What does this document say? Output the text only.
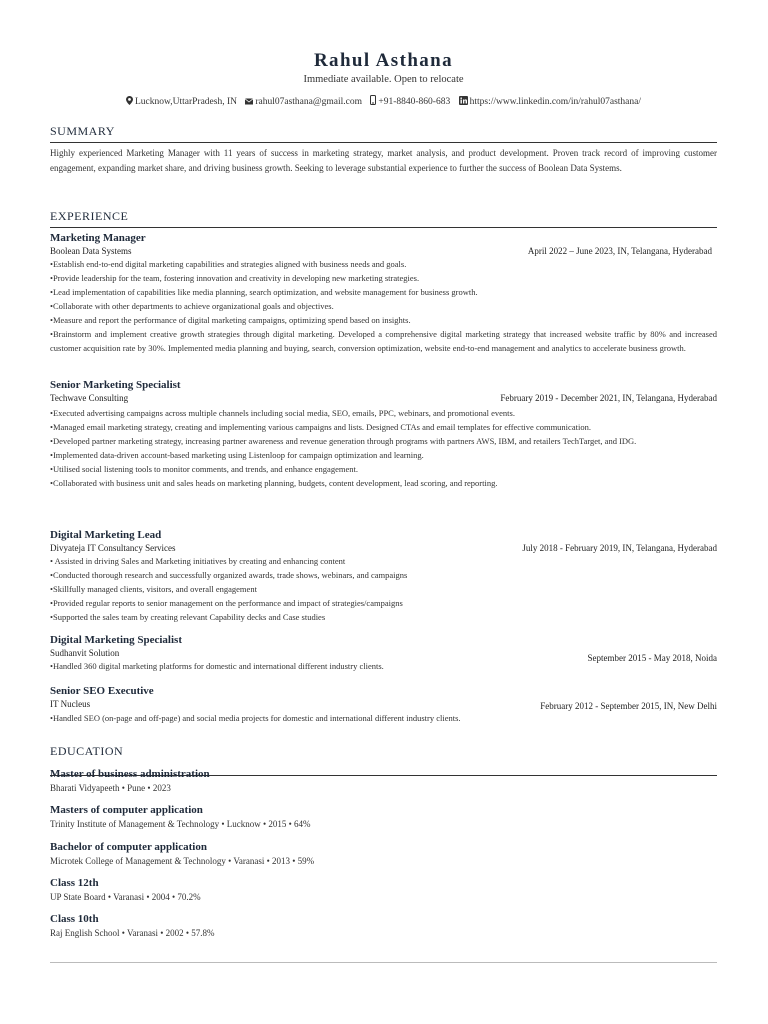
Rahul Asthana
Immediate available. Open to relocate
Lucknow,UttarPradesh, IN rahul07asthana@gmail.com +91-8840-860-683 https://www.linkedin.com/in/rahul07asthana/
SUMMARY
Highly experienced Marketing Manager with 11 years of success in marketing strategy, market analysis, and product development. Proven track record of improving customer engagement, expanding market share, and driving business growth. Seeking to leverage substantial experience to further the success of Boolean Data Systems.
EXPERIENCE
Marketing Manager
Boolean Data Systems	April 2022 – June 2023, IN, Telangana, Hyderabad
•Establish end-to-end digital marketing capabilities and strategies aligned with business needs and goals.
•Provide leadership for the team, fostering innovation and creativity in developing new marketing strategies.
•Lead implementation of capabilities like media planning, search optimization, and website management for business growth.
•Collaborate with other departments to achieve organizational goals and objectives.
•Measure and report the performance of digital marketing campaigns, optimizing spend based on insights.
•Brainstorm and implement creative growth strategies through digital marketing. Developed a comprehensive digital marketing strategy that increased website traffic by 80% and increased customer acquisition rate by 30%. Implemented media planning and buying, search, conversion optimization, website end-to-end management and analytics to accelerate business growth.
Senior Marketing Specialist
Techwave Consulting	February 2019 - December 2021, IN, Telangana, Hyderabad
•Executed advertising campaigns across multiple channels including social media, SEO, emails, PPC, webinars, and promotional events.
•Managed email marketing strategy, creating and implementing various campaigns and lists. Designed CTAs and email templates for effective communication.
•Developed partner marketing strategy, increasing partner awareness and revenue generation through programs with partners AWS, IBM, and retailers TechTarget, and IDG.
•Implemented data-driven account-based marketing using Listenloop for campaign optimization and learning.
•Utilised social listening tools to monitor comments, and trends, and enhance engagement.
•Collaborated with business unit and sales heads on marketing planning, budgets, content development, lead scoring, and reporting.
Digital Marketing Lead
Divyateja IT Consultancy Services	July 2018 - February 2019, IN, Telangana, Hyderabad
• Assisted in driving Sales and Marketing initiatives by creating and enhancing content
•Conducted thorough research and successfully organized awards, trade shows, webinars, and campaigns
•Skillfully managed clients, visitors, and overall engagement
•Provided regular reports to senior management on the performance and impact of strategies/campaigns
•Supported the sales team by creating relevant Capability decks and Case studies
Digital Marketing Specialist
Sudhanvit Solution	September 2015 - May 2018, Noida
•Handled 360 digital marketing platforms for domestic and international different industry clients.
Senior SEO Executive
IT Nucleus	February 2012 - September 2015, IN, New Delhi
•Handled SEO (on-page and off-page) and social media projects for domestic and international different industry clients.
EDUCATION
Master of business administration
Bharati Vidyapeeth • Pune • 2023
Masters of computer application
Trinity Institute of Management & Technology • Lucknow • 2015 • 64%
Bachelor of computer application
Microtek College of Management & Technology • Varanasi • 2013 • 59%
Class 12th
UP State Board • Varanasi • 2004 • 70.2%
Class 10th
Raj English School • Varanasi • 2002 • 57.8%
